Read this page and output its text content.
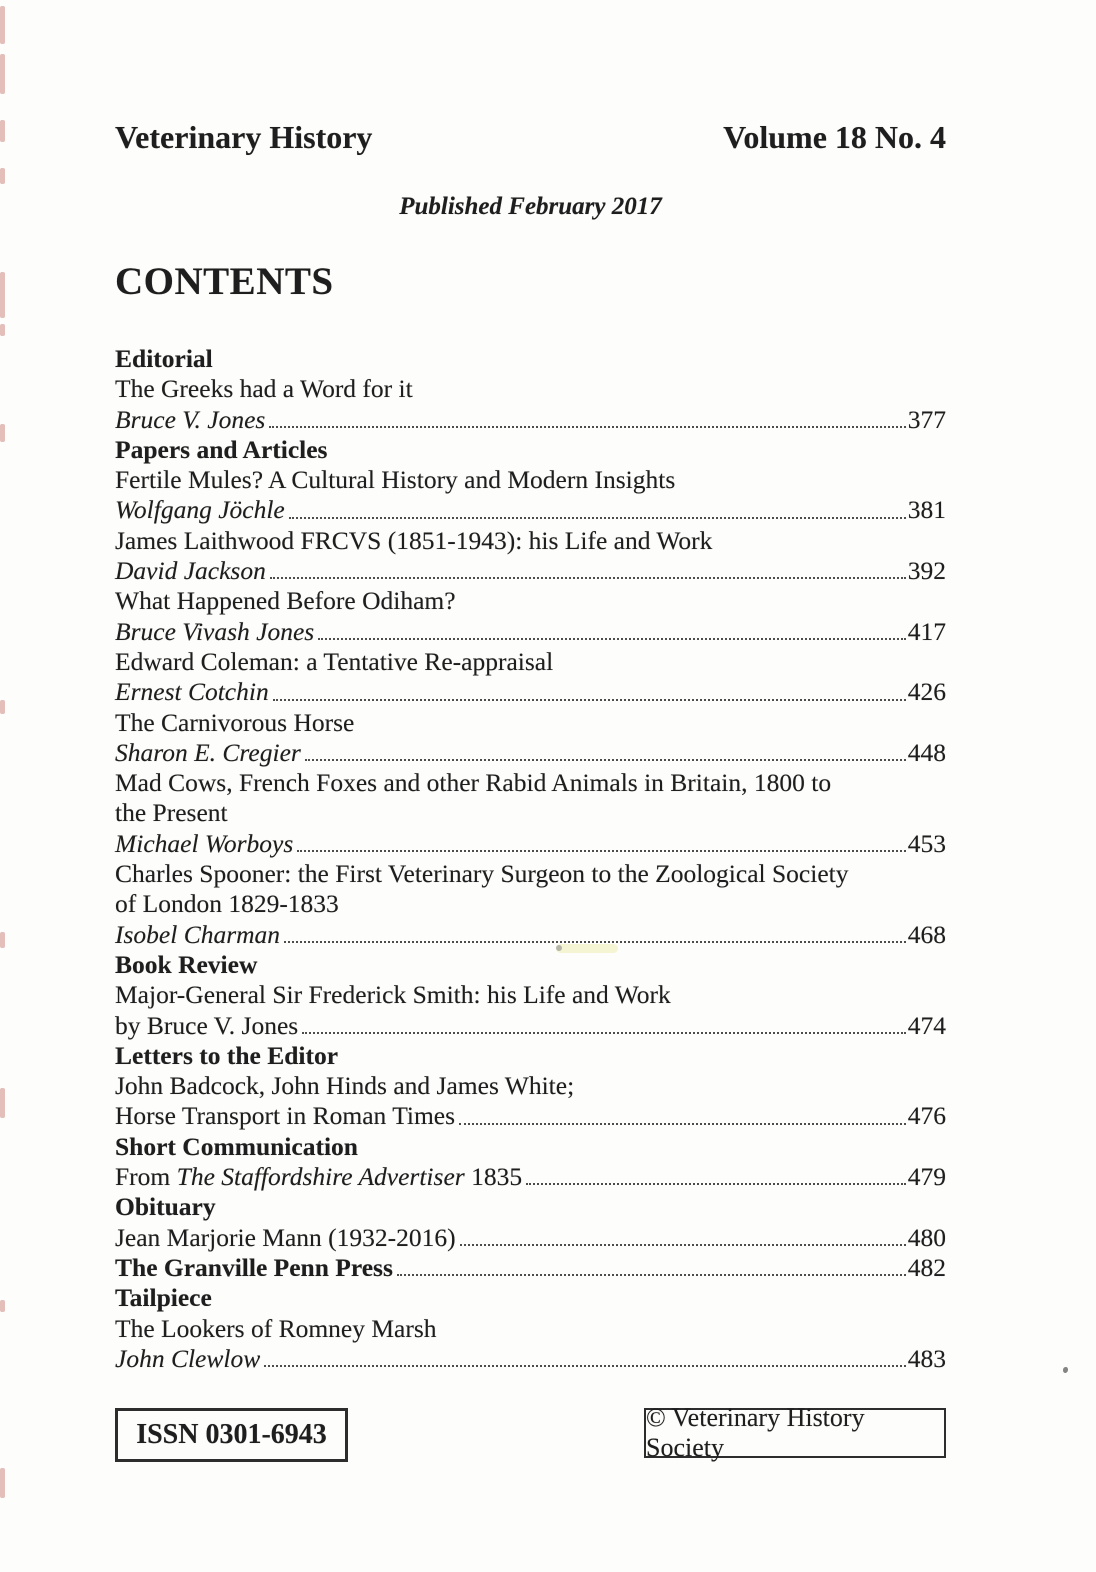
Veterinary History	Volume 18 No. 4
Published February 2017
CONTENTS
Editorial
The Greeks had a Word for it
Bruce V. Jones	377
Papers and Articles
Fertile Mules? A Cultural History and Modern Insights
Wolfgang Jöchle	381
James Laithwood FRCVS (1851-1943): his Life and Work
David Jackson	392
What Happened Before Odiham?
Bruce Vivash Jones	417
Edward Coleman: a Tentative Re-appraisal
Ernest Cotchin	426
The Carnivorous Horse
Sharon E. Cregier	448
Mad Cows, French Foxes and other Rabid Animals in Britain, 1800 to
the Present
Michael Worboys	453
Charles Spooner: the First Veterinary Surgeon to the Zoological Society
of London 1829-1833
Isobel Charman	468
Book Review
Major-General Sir Frederick Smith: his Life and Work
by Bruce V. Jones	474
Letters to the Editor
John Badcock, John Hinds and James White;
Horse Transport in Roman Times	476
Short Communication
From The Staffordshire Advertiser 1835	479
Obituary
Jean Marjorie Mann (1932-2016)	480
The Granville Penn Press	482
Tailpiece
The Lookers of Romney Marsh
John Clewlow	483
ISSN 0301-6943
© Veterinary History Society
